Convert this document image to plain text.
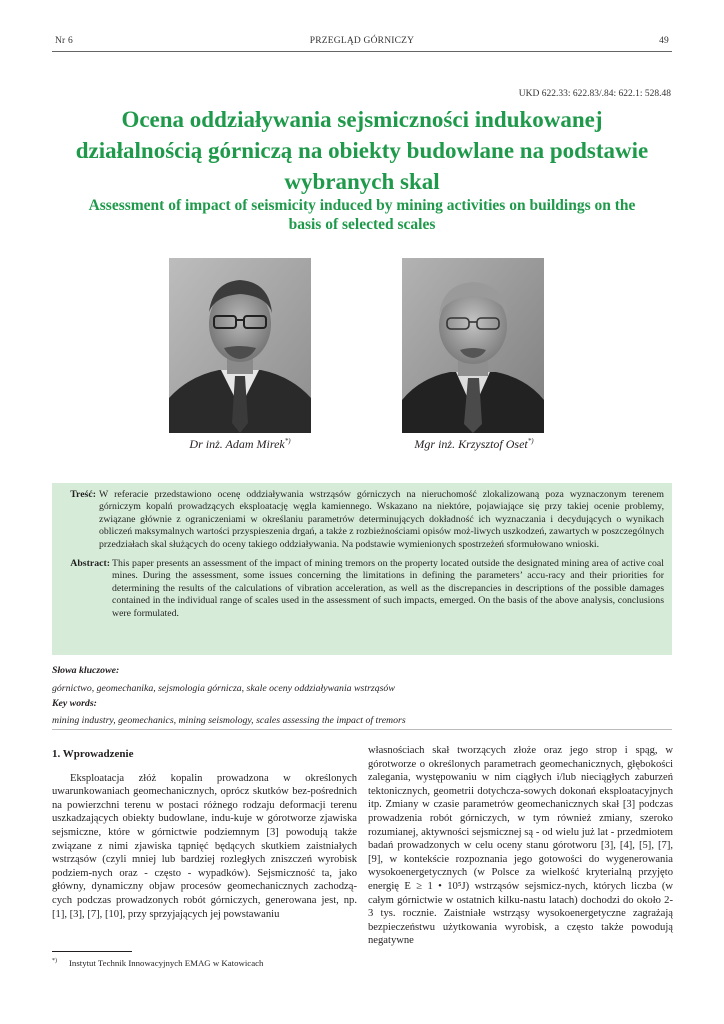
Nr 6	PRZEGLĄD GÓRNICZY	49
UKD 622.33: 622.83/.84: 622.1: 528.48
Ocena oddziaływania sejsmiczności indukowanej
działalnością górniczą na obiekty budowlane na podstawie
wybranych skal
Assessment of impact of seismicity induced by mining activities on buildings on the
basis of selected scales
Dr inż. Adam Mirek*)	Mgr inż. Krzysztof Oset*)
Treść: W referacie przedstawiono ocenę oddziaływania wstrząsów górniczych na nieruchomość zlokalizowaną poza wyznaczonym terenem górniczym kopalń prowadzących eksploatację węgla kamiennego. Wskazano na niektóre, pojawiające się przy takiej ocenie problemy, związane głównie z ograniczeniami w określaniu parametrów determinujących dokładność ich wyznaczania i decydujących o wynikach obliczeń maksymalnych wartości przyspieszenia drgań, a także z rozbieżnościami opisów moż-liwych uszkodzeń, zawartych w poszczególnych przedziałach skal służących do oceny takiego oddziaływania. Na podstawie wymienionych spostrzeżeń sformułowano wnioski.
Abstract: This paper presents an assessment of the impact of mining tremors on the property located outside the designated mining area of active coal mines. During the assessment, some issues concerning the limitations in defining the parameters’ accu-racy and their priorities for determining the results of the calculations of vibration acceleration, as well as the discrepancies in descriptions of the possible damages contained in the individual range of scales used in the assessment of such impacts, emerged. On the basis of the above analysis, conclusions were formulated.
Słowa kluczowe:
górnictwo, geomechanika, sejsmologia górnicza, skale oceny oddziaływania wstrząsów
Key words:
mining industry, geomechanics, mining seismology, scales assessing the impact of tremors
1. Wprowadzenie

Eksploatacja złóż kopalin prowadzona w określonych uwarunkowaniach geomechanicznych, oprócz skutków bez-pośrednich na powierzchni terenu w postaci różnego rodzaju deformacji terenu uszkadzających obiekty budowlane, indu-kuje w górotworze zjawiska sejsmiczne, które w górnictwie podziemnym [3] powodują także związane z nimi zjawiska tąpnięć będących skutkiem zaistniałych wstrząsów (czyli mniej lub bardziej rozległych zniszczeń wyrobisk podziem-nych oraz - często - wypadków). Sejsmiczność ta, jako główny, dynamiczny objaw procesów geomechanicznych zachodzą-cych podczas prowadzonych robót górniczych, generowana jest, np. [1], [3], [7], [10], przy sprzyjających jej powstawaniu

własnościach skał tworzących złoże oraz jego strop i spąg, w górotworze o określonych parametrach geomechanicznych, głębokości zalegania, występowaniu w nim ciągłych i/lub nieciągłych zaburzeń tektonicznych, geometrii dotychcza-sowych dokonań eksploatacyjnych itp. Zmiany w czasie parametrów geomechanicznych skał [3] podczas prowadzenia robót górniczych, w tym również zmiany, szeroko rozumianej, aktywności sejsmicznej są - od wielu już lat - przedmiotem badań prowadzonych w celu oceny stanu górotworu [3], [4], [5], [7], [9], w kontekście rozpoznania jego gotowości do wygenerowania wysokoenergetycznych (w Polsce za wielkość kryterialną przyjęto energię E ≥ 1 • 10⁵J) wstrząsów sejsmicz-nych, których liczba (w całym górnictwie w ostatnich kilku-nastu latach) dochodzi do około 2-3 tys. rocznie. Zaistniałe wstrząsy wysokoenergetyczne zagrażają bezpieczeństwu użytkowania wyrobisk, a często także powodują negatywne

*) Instytut Technik Innowacyjnych EMAG w Katowicach
